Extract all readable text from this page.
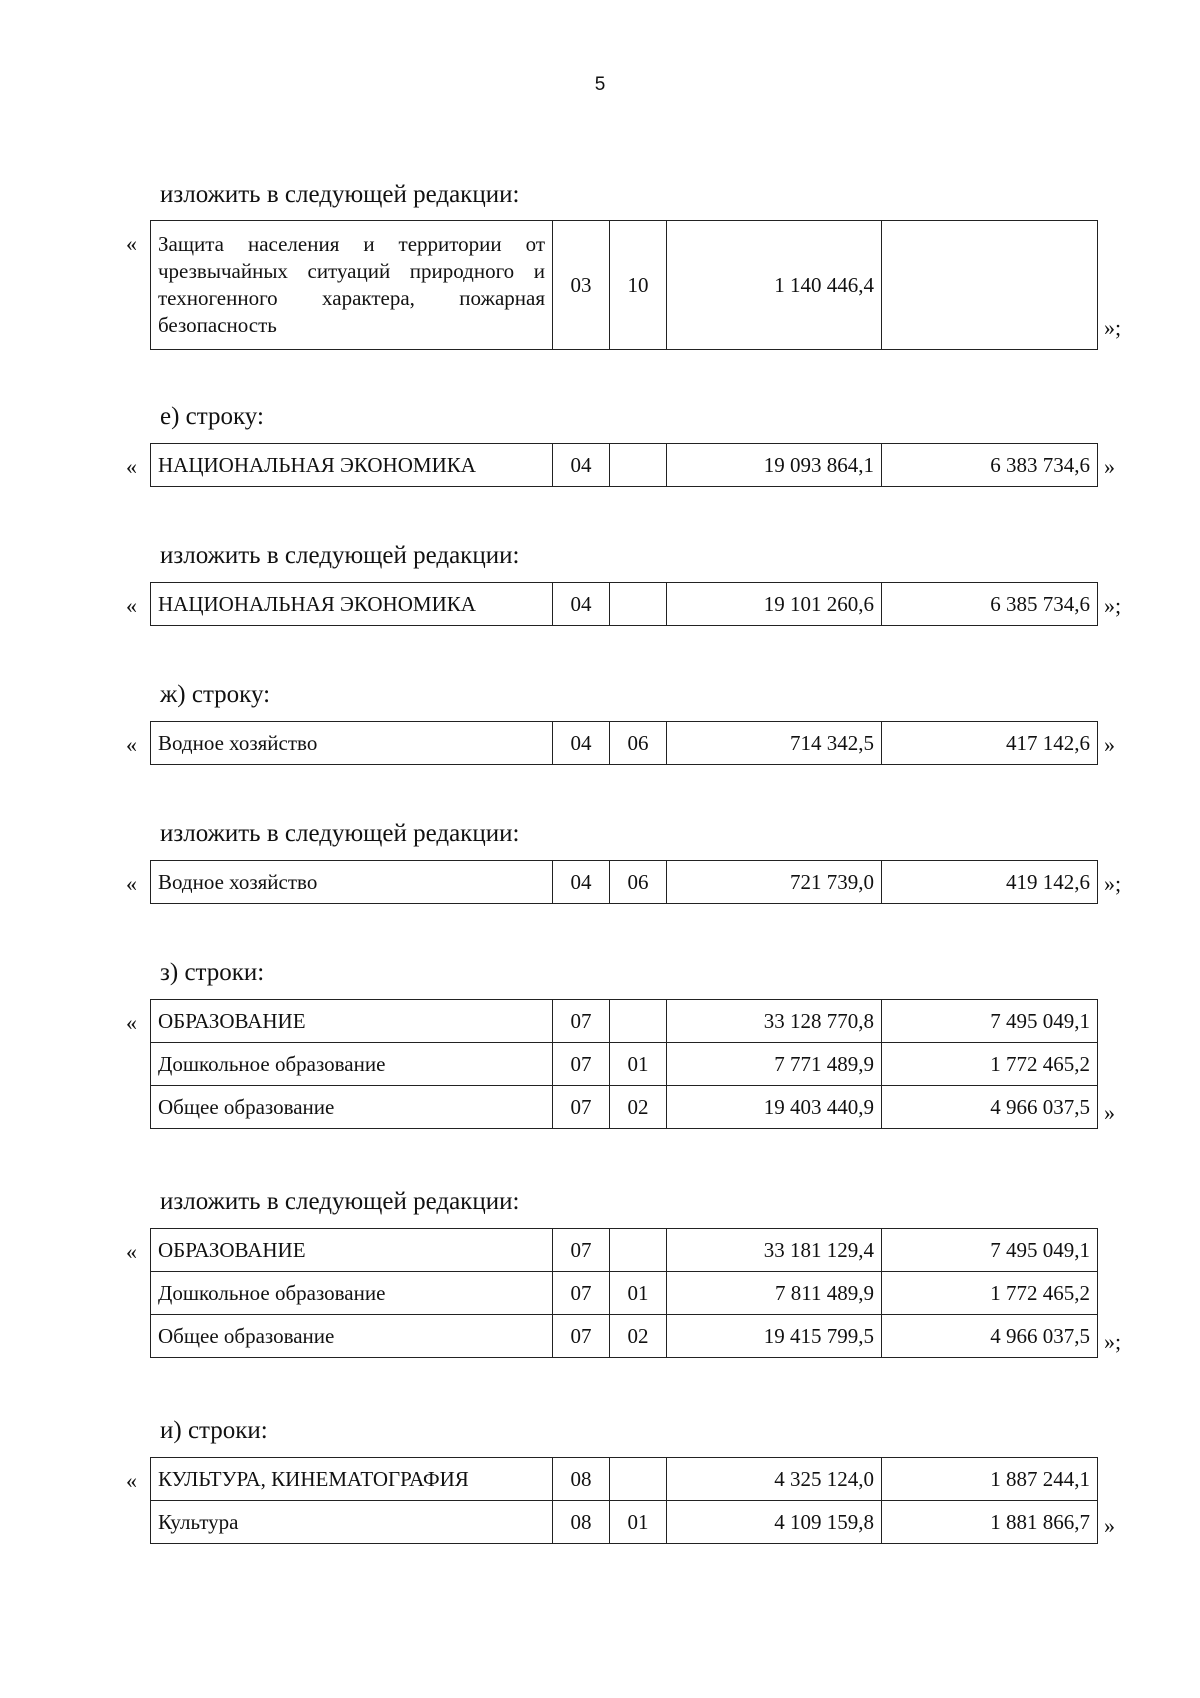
5
изложить в следующей редакции:
« Защита населения и территории от чрезвычайных ситуаций природного и техногенного характера, пожарная безопасность	03	10	1 140 446,4	
»;
е) строку:
« НАЦИОНАЛЬНАЯ ЭКОНОМИКА	04		19 093 864,1	6 383 734,6 »
изложить в следующей редакции:
« НАЦИОНАЛЬНАЯ ЭКОНОМИКА	04		19 101 260,6	6 385 734,6 »;
ж) строку:
« Водное хозяйство	04	06	714 342,5	417 142,6 »
изложить в следующей редакции:
« Водное хозяйство	04	06	721 739,0	419 142,6 »;
з) строки:
« ОБРАЗОВАНИЕ	07		33 128 770,8	7 495 049,1
Дошкольное образование	07	01	7 771 489,9	1 772 465,2
Общее образование	07	02	19 403 440,9	4 966 037,5 »
изложить в следующей редакции:
« ОБРАЗОВАНИЕ	07		33 181 129,4	7 495 049,1
Дошкольное образование	07	01	7 811 489,9	1 772 465,2
Общее образование	07	02	19 415 799,5	4 966 037,5 »;
и) строки:
« КУЛЬТУРА, КИНЕМАТОГРАФИЯ	08		4 325 124,0	1 887 244,1
Культура	08	01	4 109 159,8	1 881 866,7 »
